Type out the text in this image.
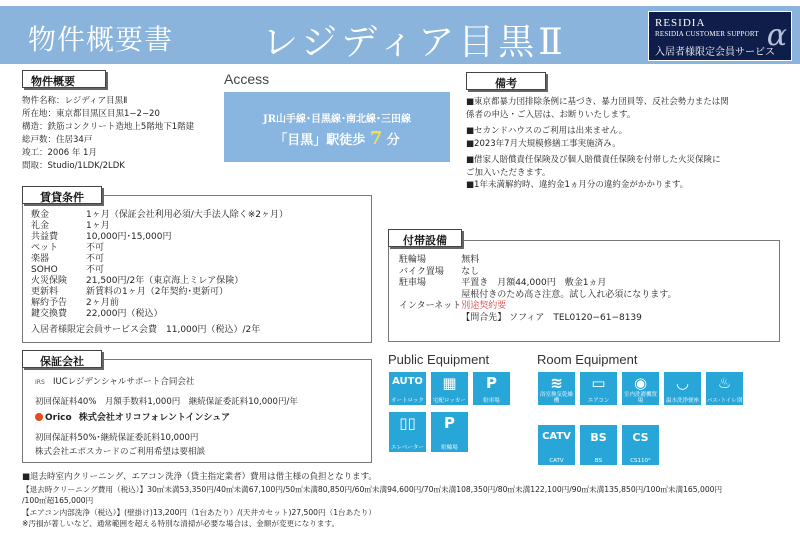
物件概要書 レジディア目黒Ⅱ	RESIDIA
RESIDIA CUSTOMER SUPPORT
入居者様限定会員サービス
α
物件概要
物件名称：レジディア目黒Ⅱ
所在地：東京都目黒区目黒1−2−20
構造：鉄筋コンクリート造地上5階地下1階建
総戸数：住居34戸
竣工：2006 年 1月
間取：Studio/1LDK/2LDK
Access
JR山手線･目黒線･南北線･三田線
「目黒」駅徒歩 7 分
備考
■東京都暴力団排除条例に基づき、暴力団員等、反社会勢力または関
係者の申込・ご入居は、お断りいたします。
■セカンドハウスのご利用は出来ません。
■2023年7月大規模修繕工事実施済み。
■借家人賠償責任保険及び個人賠償責任保険を付帯した火災保険に
ご加入いただきます。
■1年未満解約時、違約金1ヵ月分の違約金がかかります。
敷金	1ヶ月（保証会社利用必須/大手法人除く※2ヶ月）
礼金	1ヶ月
共益費	10,000円･15,000円
ペット	不可
楽器	不可
SOHO	不可
火災保険	21,500円/2年（東京海上ミレア保険）
更新料	新賃料の1ヶ月（2年契約･更新可）
解約予告	2ヶ月前
鍵交換費	22,000円（税込）
入居者様限定会員サービス会費　11,000円（税込）/2年
賃貸条件
駐輪場	無料
バイク置場	なし
駐車場	平置き　月額44,000円　敷金1ヵ月
	屋根付きのため高さ注意。試し入れ必須になります。
インターネット	別途契約要
	【問合先】 ソフィア　TEL0120−61−8139
付帯設備
IRS IUCレジデンシャルサポート合同会社
初回保証料40%　月額手数料1,000円　継続保証委託料10,000円/年
Orico 株式会社オリコフォレントインシュア
初回保証料50%･継続保証委託料10,000円
株式会社エポスカードのご利用希望は要相談
保証会社	Public Equipment
AUTO
オートロック
▦
宅配ロッカー
P
駐車場
▯▯
エレベーター
P
駐輪場
Room Equipment
≋
浴室換気乾燥機
▭
エアコン
◉
室内洗濯機置場
◡
温水洗浄便座
♨
バス･トイレ別
CATV
CATV
BS
BS
CS
CS110°
■退去時室内クリーニング、エアコン洗浄（貸主指定業者）費用は借主様の負担となります。
【退去時クリーニング費用（税込）】30㎡未満53,350円/40㎡未満67,100円/50㎡未満80,850円/60㎡未満94,600円/70㎡未満108,350円/80㎡未満122,100円/90㎡未満135,850円/100㎡未満165,000円
/100㎡超165,000円
【エアコン内部洗浄（税込）】(壁掛け)13,200円（1台あたり）/(天井カセット)27,500円（1台あたり）
※汚損が著しいなど、通常範囲を超える特別な清掃が必要な場合は、金額が変更になります。
